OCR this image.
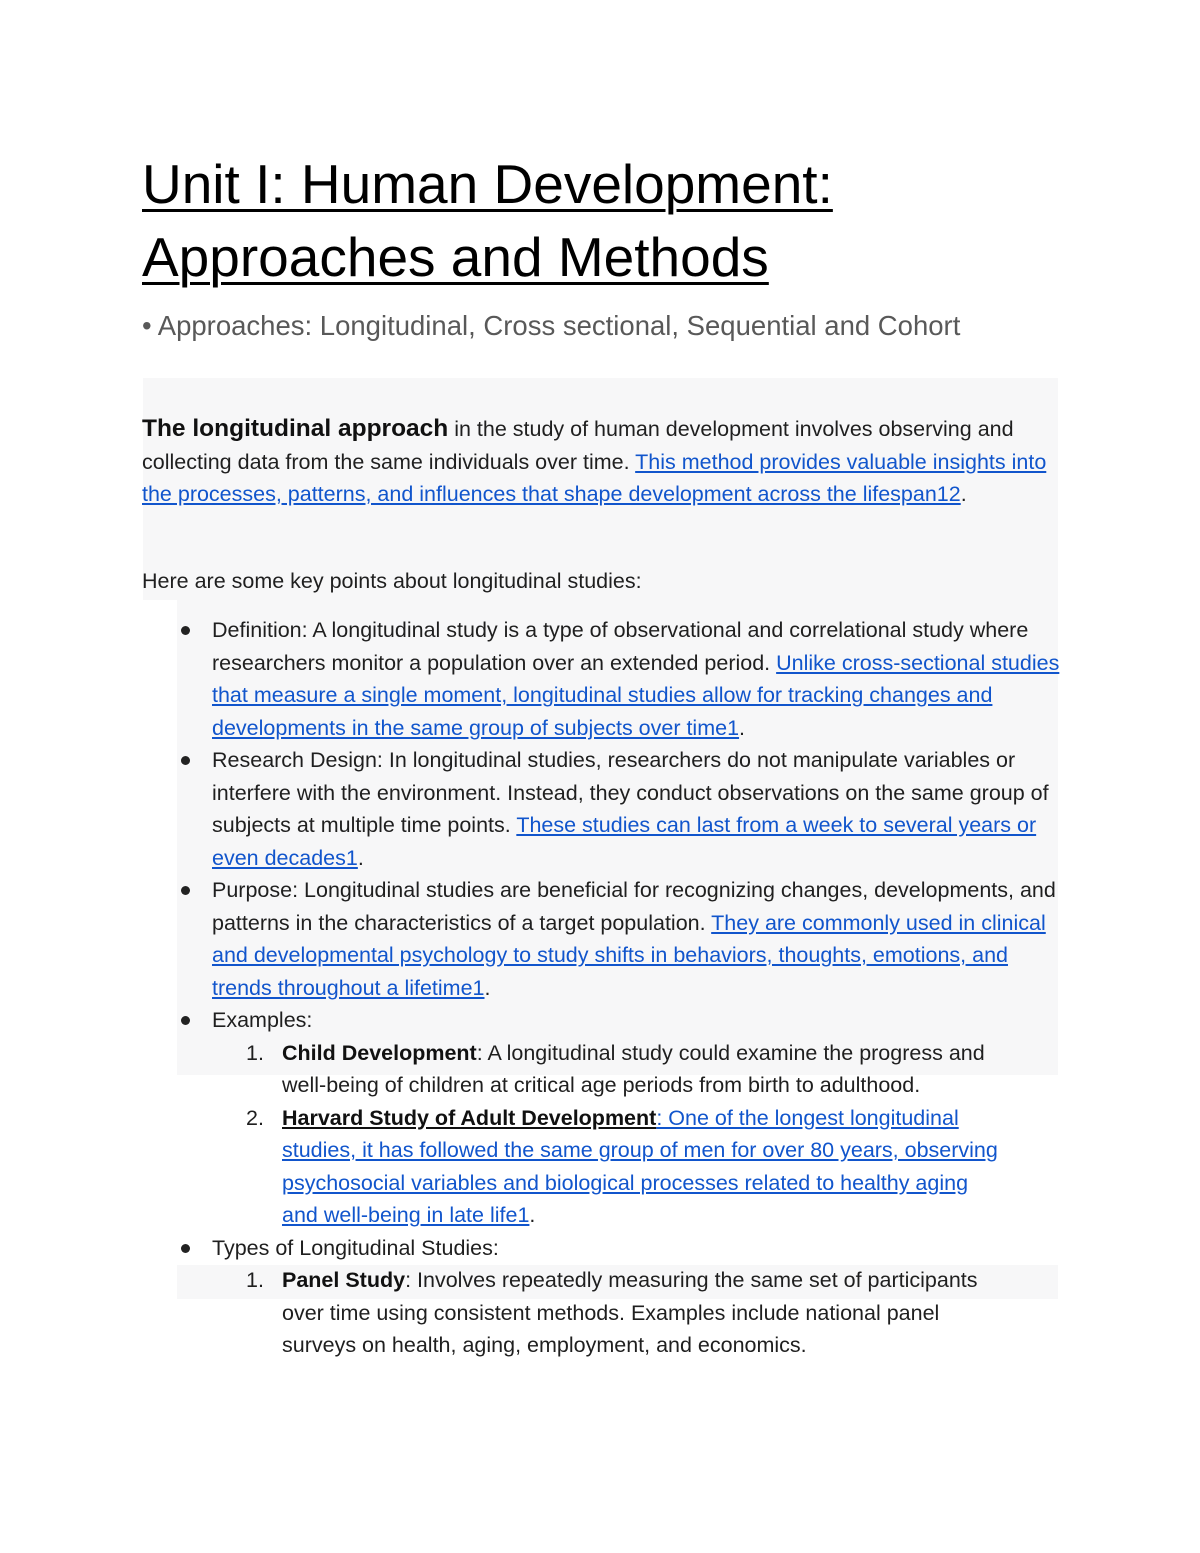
Unit I: Human Development:
Approaches and Methods
• Approaches: Longitudinal, Cross sectional, Sequential and Cohort

The longitudinal approach in the study of human development involves observing and collecting data from the same individuals over time. This method provides valuable insights into the processes, patterns, and influences that shape development across the lifespan12.

Here are some key points about longitudinal studies:

Definition: A longitudinal study is a type of observational and correlational study where researchers monitor a population over an extended period. Unlike cross-sectional studies that measure a single moment, longitudinal studies allow for tracking changes and developments in the same group of subjects over time1.
Research Design: In longitudinal studies, researchers do not manipulate variables or interfere with the environment. Instead, they conduct observations on the same group of subjects at multiple time points. These studies can last from a week to several years or even decades1.
Purpose: Longitudinal studies are beneficial for recognizing changes, developments, and patterns in the characteristics of a target population. They are commonly used in clinical and developmental psychology to study shifts in behaviors, thoughts, emotions, and trends throughout a lifetime1.
Examples:
1. Child Development: A longitudinal study could examine the progress and well-being of children at critical age periods from birth to adulthood.
2. Harvard Study of Adult Development: One of the longest longitudinal studies, it has followed the same group of men for over 80 years, observing psychosocial variables and biological processes related to healthy aging and well-being in late life1.
Types of Longitudinal Studies:
1. Panel Study: Involves repeatedly measuring the same set of participants over time using consistent methods. Examples include national panel surveys on health, aging, employment, and economics.
